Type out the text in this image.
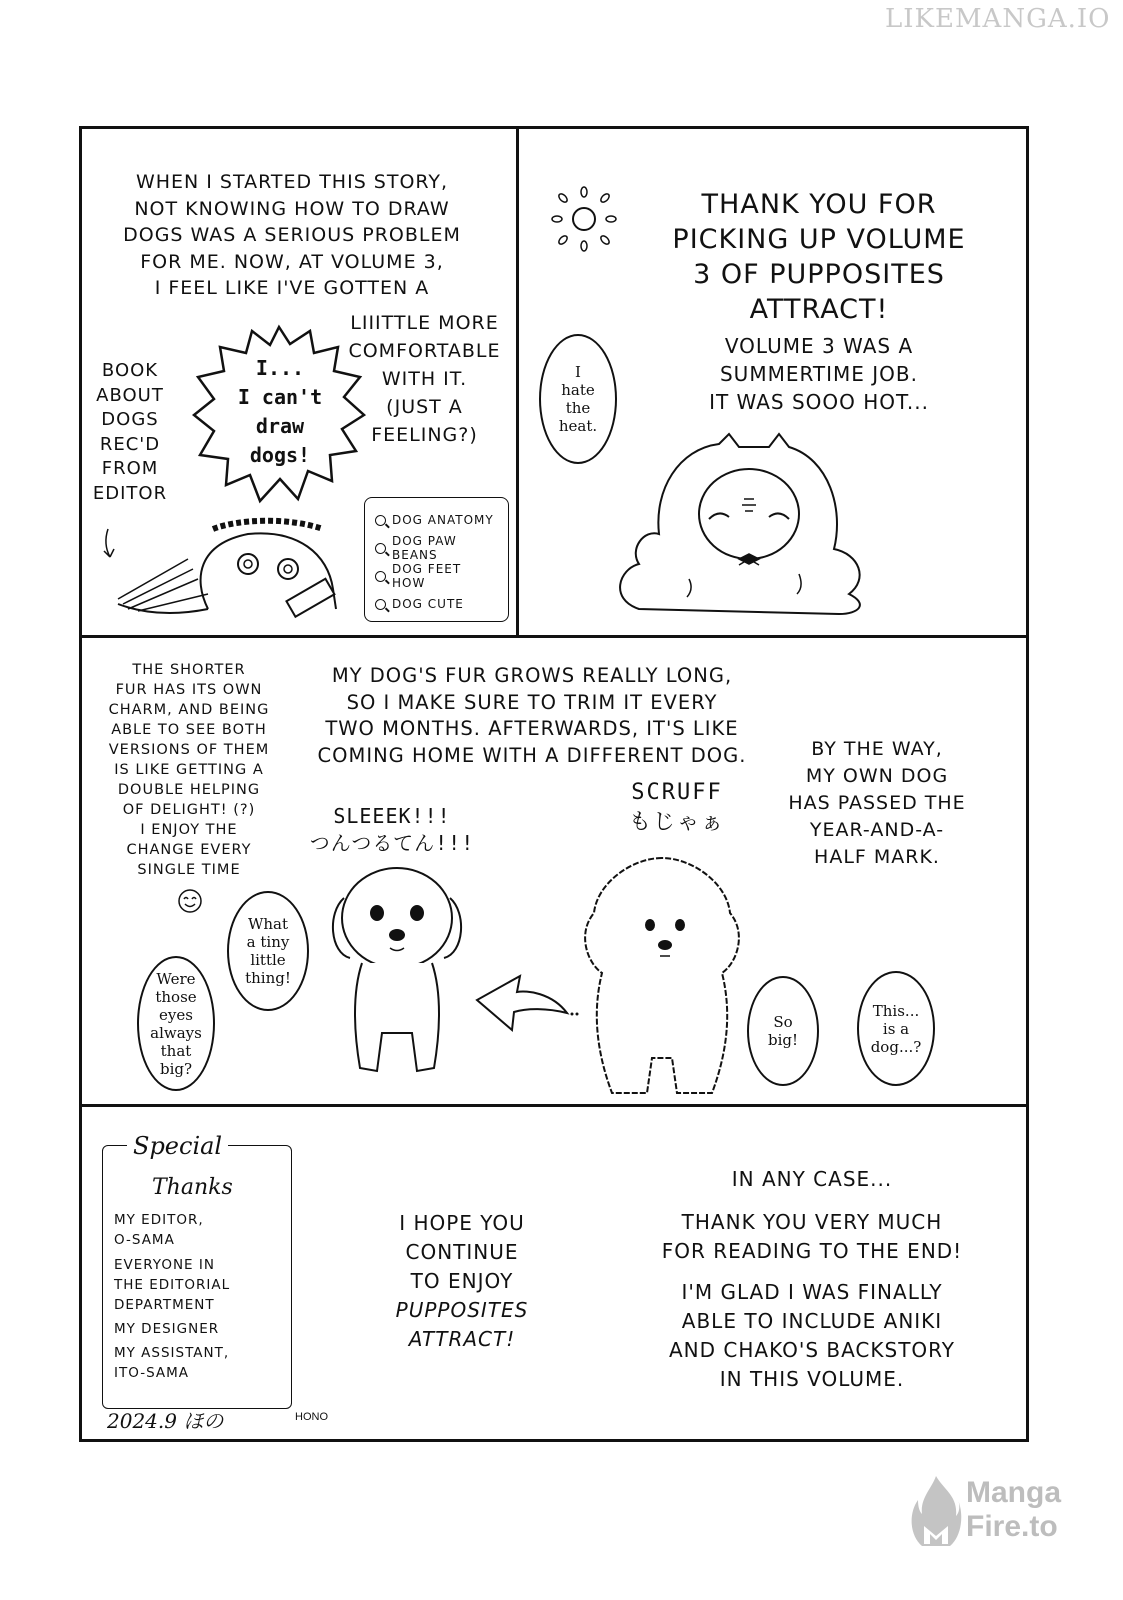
LIKEMANGA.IO
WHEN I STARTED THIS STORY,
NOT KNOWING HOW TO DRAW
DOGS WAS A SERIOUS PROBLEM
FOR ME. NOW, AT VOLUME 3,
I FEEL LIKE I'VE GOTTEN A
LIIITTLE MORE
COMFORTABLE
WITH IT.
(JUST A
FEELING?)
BOOK
ABOUT
DOGS
REC'D
FROM
EDITOR
I...
I can't
draw
dogs!
DOG ANATOMY
DOG PAW BEANS
DOG FEET HOW
DOG CUTE
THANK YOU FOR
PICKING UP VOLUME
3 OF PUPPOSITES
ATTRACT!
VOLUME 3 WAS A
SUMMERTIME JOB.
IT WAS SOOO HOT...
I
hate
the
heat.
THE SHORTER
FUR HAS ITS OWN
CHARM, AND BEING
ABLE TO SEE BOTH
VERSIONS OF THEM
IS LIKE GETTING A
DOUBLE HELPING
OF DELIGHT! (?)
I ENJOY THE
CHANGE EVERY
SINGLE TIME
MY DOG'S FUR GROWS REALLY LONG,
SO I MAKE SURE TO TRIM IT EVERY
TWO MONTHS. AFTERWARDS, IT'S LIKE
COMING HOME WITH A DIFFERENT DOG.	BY THE WAY,
MY OWN DOG
HAS PASSED THE
YEAR-AND-A-
HALF MARK.
SLEEEK!!!
つんつるてん!!!
SCRUFF
もじゃぁ
Were
those
eyes
always
that
big?
What
a tiny
little
thing!
So
big!
This...
is a
dog...?
Special
Thanks
MY EDITOR,
O-SAMA
EVERYONE IN
THE EDITORIAL
DEPARTMENT
MY DESIGNER
MY ASSISTANT,
ITO-SAMA
2024.9 ほの	HONO
I HOPE YOU
CONTINUE
TO ENJOY
PUPPOSITES
ATTRACT!
IN ANY CASE...
THANK YOU VERY MUCH
FOR READING TO THE END!
I'M GLAD I WAS FINALLY
ABLE TO INCLUDE ANIKI
AND CHAKO'S BACKSTORY
IN THIS VOLUME.
Manga
Fire.to
